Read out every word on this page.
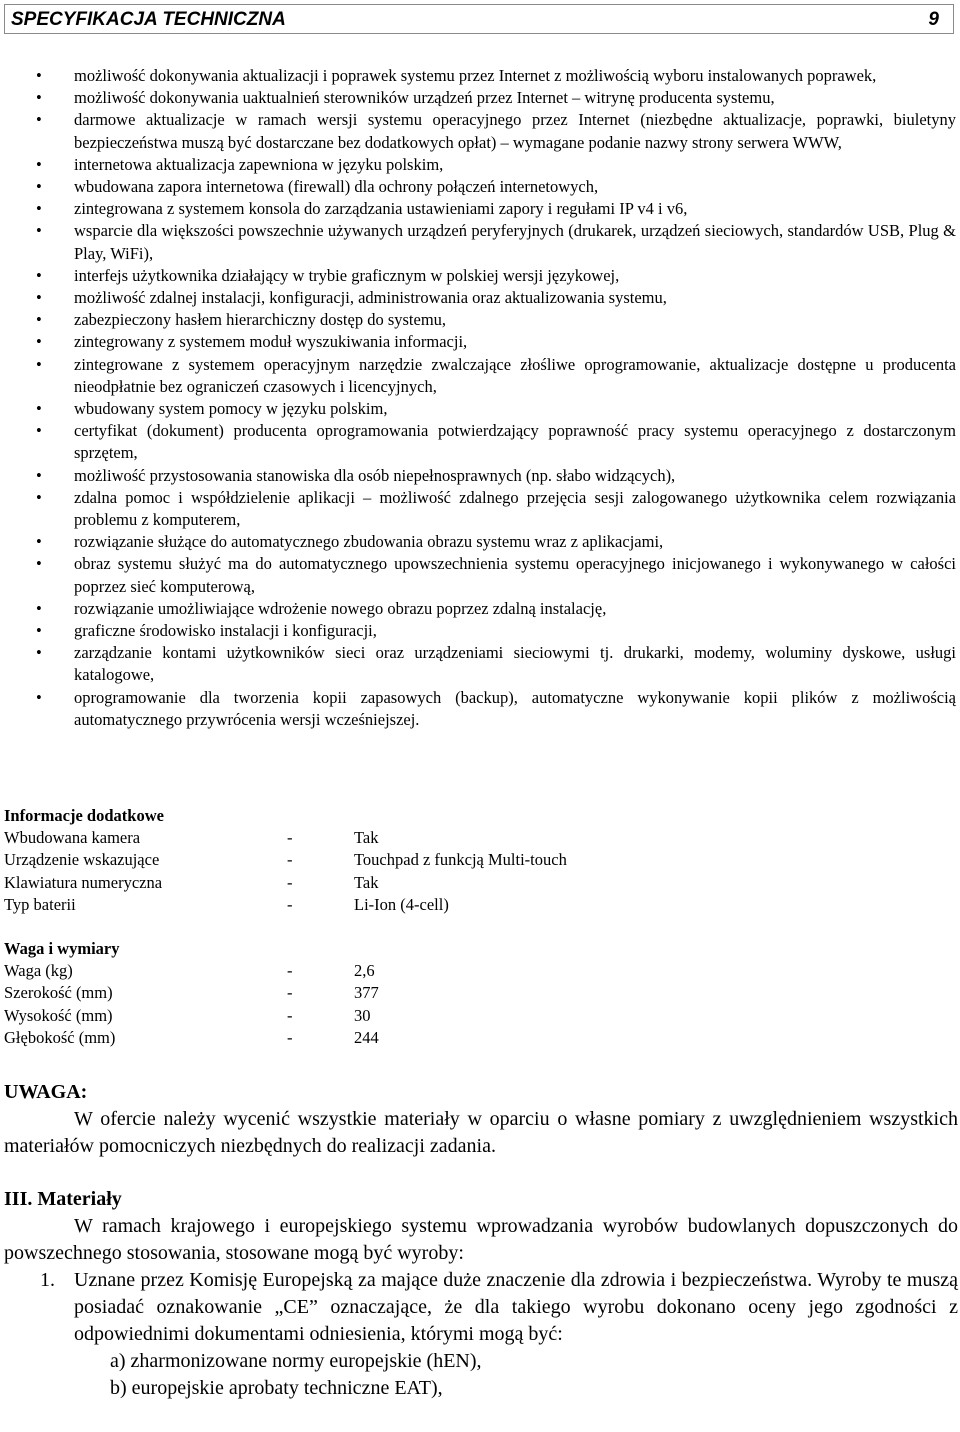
SPECYFIKACJA TECHNICZNA	9
• możliwość dokonywania aktualizacji i poprawek systemu przez Internet z możliwością wyboru instalowanych poprawek,
• możliwość dokonywania uaktualnień sterowników urządzeń przez Internet – witrynę producenta systemu,
• darmowe aktualizacje w ramach wersji systemu operacyjnego przez Internet (niezbędne aktualizacje, poprawki, biuletyny bezpieczeństwa muszą być dostarczane bez dodatkowych opłat) – wymagane podanie nazwy strony serwera WWW,
• internetowa aktualizacja zapewniona w języku polskim,
• wbudowana zapora internetowa (firewall) dla ochrony połączeń internetowych,
• zintegrowana z systemem konsola do zarządzania ustawieniami zapory i regułami IP v4 i v6,
• wsparcie dla większości powszechnie używanych urządzeń peryferyjnych (drukarek, urządzeń sieciowych, standardów USB, Plug & Play, WiFi),
• interfejs użytkownika działający w trybie graficznym w polskiej wersji językowej,
• możliwość zdalnej instalacji, konfiguracji, administrowania oraz aktualizowania systemu,
• zabezpieczony hasłem hierarchiczny dostęp do systemu,
• zintegrowany z systemem moduł wyszukiwania informacji,
• zintegrowane z systemem operacyjnym narzędzie zwalczające złośliwe oprogramowanie, aktualizacje dostępne u producenta nieodpłatnie bez ograniczeń czasowych i licencyjnych,
• wbudowany system pomocy w języku polskim,
• certyfikat (dokument) producenta oprogramowania potwierdzający poprawność pracy systemu operacyjnego z dostarczonym sprzętem,
• możliwość przystosowania stanowiska dla osób niepełnosprawnych (np. słabo widzących),
• zdalna pomoc i współdzielenie aplikacji – możliwość zdalnego przejęcia sesji zalogowanego użytkownika celem rozwiązania problemu z komputerem,
• rozwiązanie służące do automatycznego zbudowania obrazu systemu wraz z aplikacjami,
• obraz systemu służyć ma do automatycznego upowszechnienia systemu operacyjnego inicjowanego i wykonywanego w całości poprzez sieć komputerową,
• rozwiązanie umożliwiające wdrożenie nowego obrazu poprzez zdalną instalację,
• graficzne środowisko instalacji i konfiguracji,
• zarządzanie kontami użytkowników sieci oraz urządzeniami sieciowymi tj. drukarki, modemy, woluminy dyskowe, usługi katalogowe,
• oprogramowanie dla tworzenia kopii zapasowych (backup), automatyczne wykonywanie kopii plików z możliwością automatycznego przywrócenia wersji wcześniejszej.
Informacje dodatkowe
Wbudowana kamera	-	Tak
Urządzenie wskazujące	-	Touchpad z funkcją Multi-touch
Klawiatura numeryczna	-	Tak
Typ baterii	-	Li-Ion (4-cell)
Waga i wymiary
Waga (kg)	-	2,6
Szerokość (mm)	-	377
Wysokość (mm)	-	30
Głębokość (mm)	-	244
UWAGA:

W ofercie należy wycenić wszystkie materiały w oparciu o własne pomiary z uwzględnieniem wszystkich materiałów pomocniczych niezbędnych do realizacji zadania.

III. Materiały

W ramach krajowego i europejskiego systemu wprowadzania wyrobów budowlanych dopuszczonych do powszechnego stosowania, stosowane mogą być wyroby:

1. Uznane przez Komisję Europejską za mające duże znaczenie dla zdrowia i bezpieczeństwa. Wyroby te muszą posiadać oznakowanie „CE” oznaczające, że dla takiego wyrobu dokonano oceny jego zgodności z odpowiednimi dokumentami odniesienia, którymi mogą być:
a) zharmonizowane normy europejskie (hEN),
b) europejskie aprobaty techniczne EAT),
